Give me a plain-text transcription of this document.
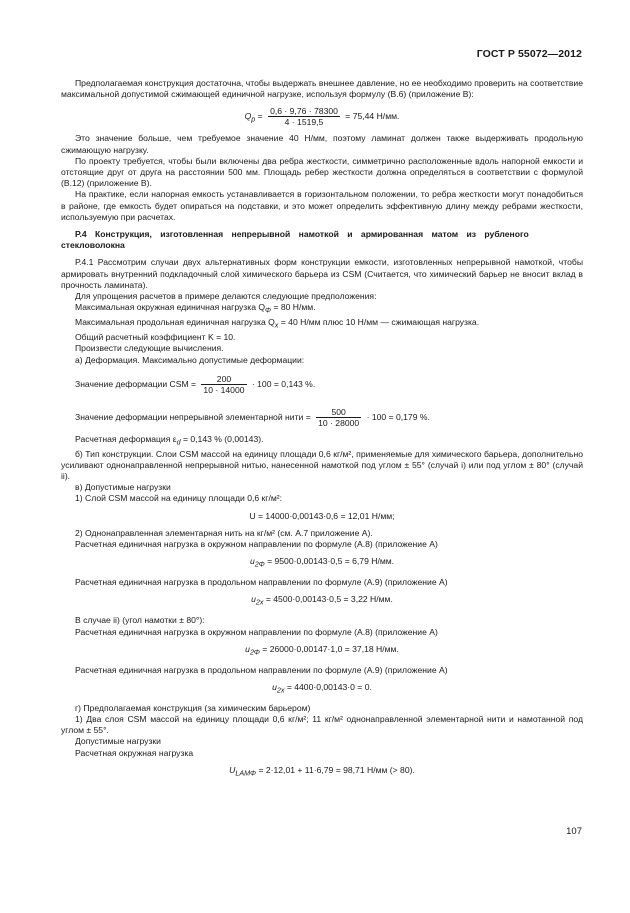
ГОСТ Р 55072—2012

Предполагаемая конструкция достаточна, чтобы выдержать внешнее давление, но ее необходимо проверить на соответствие максимальной допустимой сжимающей единичной нагрузке, используя формулу (В.6) (приложение В):

$Q_p = \frac{0,6 \cdot 9,76 \cdot 78300}{4 \cdot 1519,5} = 75,44$ Н/мм.

Это значение больше, чем требуемое значение 40 Н/мм, поэтому ламинат должен также выдерживать продольную сжимающую нагрузку.

По проекту требуется, чтобы были включены два ребра жесткости, симметрично расположенные вдоль напорной емкости и отстоящие друг от друга на расстоянии 500 мм. Площадь ребер жесткости должна определяться в соответствии с формулой (В.12) (приложение В).

На практике, если напорная емкость устанавливается в горизонтальном положении, то ребра жесткости могут понадобиться в районе, где емкость будет опираться на подставки, и это может определить эффективную длину между ребрами жесткости, используемую при расчетах.

Р.4 Конструкция, изготовленная непрерывной намоткой и армированная матом из рубленого
стекловолокна

Р.4.1 Рассмотрим случаи двух альтернативных форм конструкции емкости, изготовленных непрерывной намоткой, чтобы армировать внутренний подкладочный слой химического барьера из CSM (Считается, что химический барьер не вносит вклад в прочность ламината).

Для упрощения расчетов в примере делаются следующие предположения:

Максимальная окружная единичная нагрузка $Q_\Phi = 80$ Н/мм.

Максимальная продольная единичная нагрузка $Q_x = 40$ Н/мм плюс 10 Н/мм — сжимающая нагрузка.

Общий расчетный коэффициент K = 10.

Произвести следующие вычисления.

а) Деформация. Максимально допустимые деформации:

Значение деформации CSM = $\frac{200}{10 \cdot 14000} \cdot 100 = 0,143$ %.
Значение деформации непрерывной элементарной нити = $\frac{500}{10 \cdot 28000} \cdot 100 = 0,179$ %.

Расчетная деформация $\varepsilon_d = 0,143$ % (0,00143).

б) Тип конструкции. Слои CSM массой на единицу площади 0,6 кг/м², применяемые для химического барьера, дополнительно усиливают однонаправленной непрерывной нитью, нанесенной намоткой под углом ± 55° (случай i) или под углом ± 80° (случай ii).

в) Допустимые нагрузки

1) Слой CSM массой на единицу площади 0,6 кг/м²:

U = 14000·0,00143·0,6 = 12,01 Н/мм;

2) Однонаправленная элементарная нить на кг/м² (см. А.7 приложение А).

Расчетная единичная нагрузка в окружном направлении по формуле (А.8) (приложение А)

$u_{2\Phi} = 9500\cdot 0,00143\cdot 0,5 = 6,79$ Н/мм.

Расчетная единичная нагрузка в продольном направлении по формуле (А.9) (приложение А)

$u_{2x} = 4500\cdot 0,00143\cdot 0,5 = 3,22$ Н/мм.

В случае ii) (угол намотки ± 80°):

Расчетная единичная нагрузка в окружном направлении по формуле (А.8) (приложение А)

$u_{2\Phi} = 26000\cdot 0,00147\cdot 1,0 = 37,18$ Н/мм.

Расчетная единичная нагрузка в продольном направлении по формуле (А.9) (приложение А)

$u_{2x} = 4400\cdot 0,00143\cdot 0 = 0$.

г) Предполагаемая конструкция (за химическим барьером)

1) Два слоя CSM массой на единицу площади 0,6 кг/м²; 11 кг/м² однонаправленной элементарной нити и намотанной под углом ± 55°.

Допустимые нагрузки

Расчетная окружная нагрузка

$U_{LAM\Phi} = 2\cdot 12,01 + 11\cdot 6,79 = 98,71$ Н/мм (> 80).
107
